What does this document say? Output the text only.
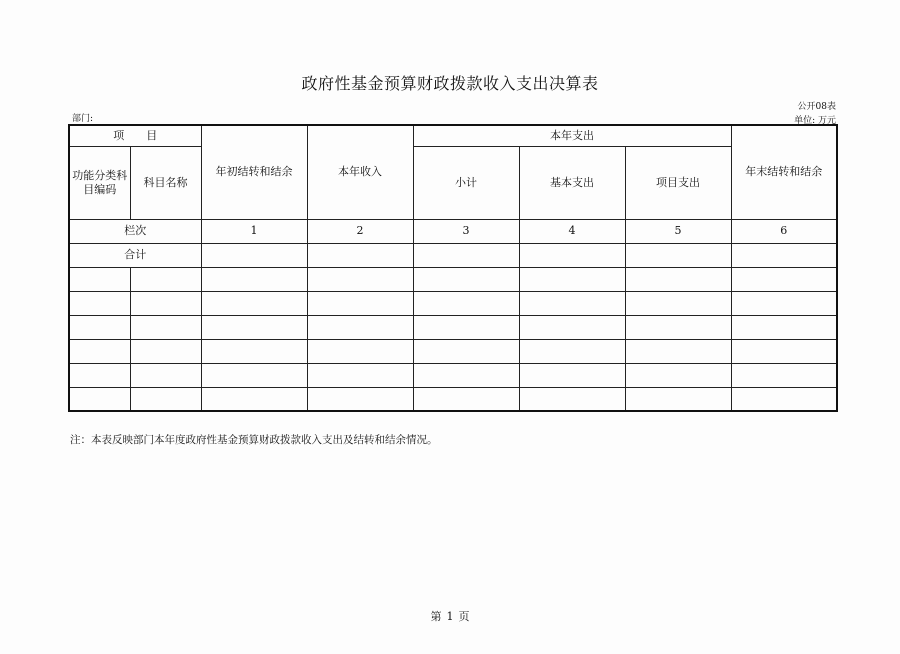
政府性基金预算财政拨款收入支出决算表
公开08表
部门:	单位: 万元
项　　目		年初结转和结余	本年收入	本年支出			年末结转和结余
功能分类科目编码	科目名称			小计	基本支出	项目支出	
栏次		1	2	3	4	5	6
合计							

注：本表反映部门本年度政府性基金预算财政拨款收入支出及结转和结余情况。
第 1 页
